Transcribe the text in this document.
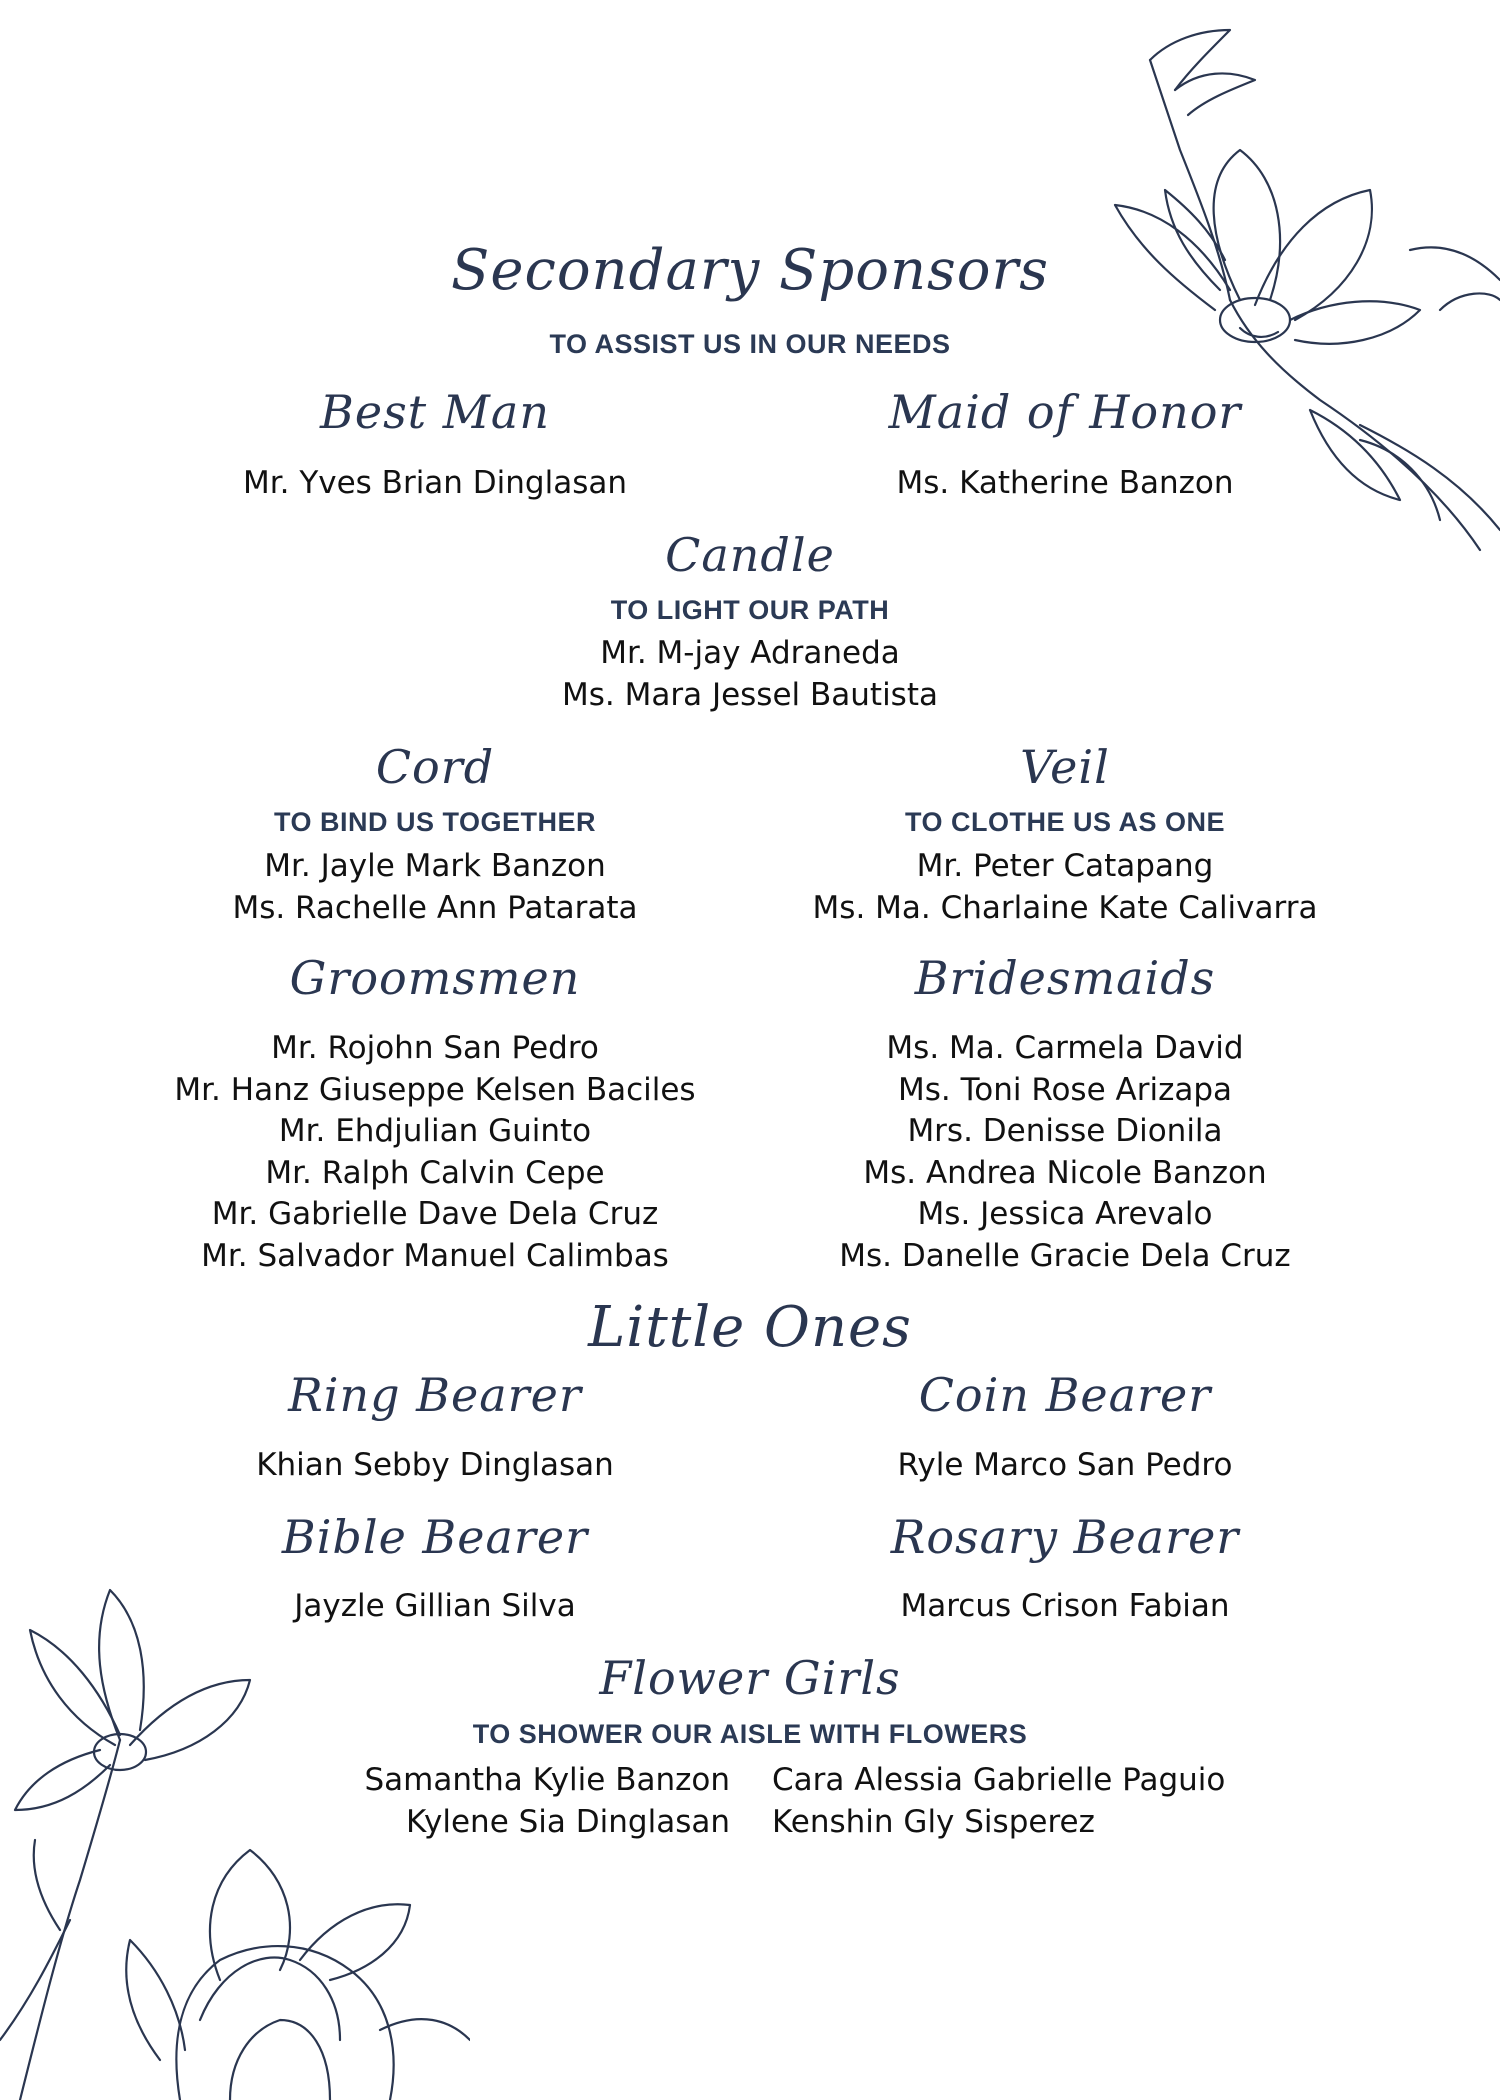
Secondary Sponsors
TO ASSIST US IN OUR NEEDS
Best Man
Mr. Yves Brian Dinglasan
Maid of Honor
Ms. Katherine Banzon
Candle
TO LIGHT OUR PATH
Mr. M-jay Adraneda
Ms. Mara Jessel Bautista
Cord
TO BIND US TOGETHER
Mr. Jayle Mark Banzon
Ms. Rachelle Ann Patarata
Veil
TO CLOTHE US AS ONE
Mr. Peter Catapang
Ms. Ma. Charlaine Kate Calivarra
Groomsmen
Mr. Rojohn San Pedro
Mr. Hanz Giuseppe Kelsen Baciles
Mr. Ehdjulian Guinto
Mr. Ralph Calvin Cepe
Mr. Gabrielle Dave Dela Cruz
Mr. Salvador Manuel Calimbas
Bridesmaids
Ms. Ma. Carmela David
Ms. Toni Rose Arizapa
Mrs. Denisse Dionila
Ms. Andrea Nicole Banzon
Ms. Jessica Arevalo
Ms. Danelle Gracie Dela Cruz
Little Ones
Ring Bearer
Khian Sebby Dinglasan
Coin Bearer
Ryle Marco San Pedro
Bible Bearer
Jayzle Gillian Silva
Rosary Bearer
Marcus Crison Fabian
Flower Girls
TO SHOWER OUR AISLE WITH FLOWERS
Samantha Kylie Banzon
Kylene Sia Dinglasan
Cara Alessia Gabrielle Paguio
Kenshin Gly Sisperez
